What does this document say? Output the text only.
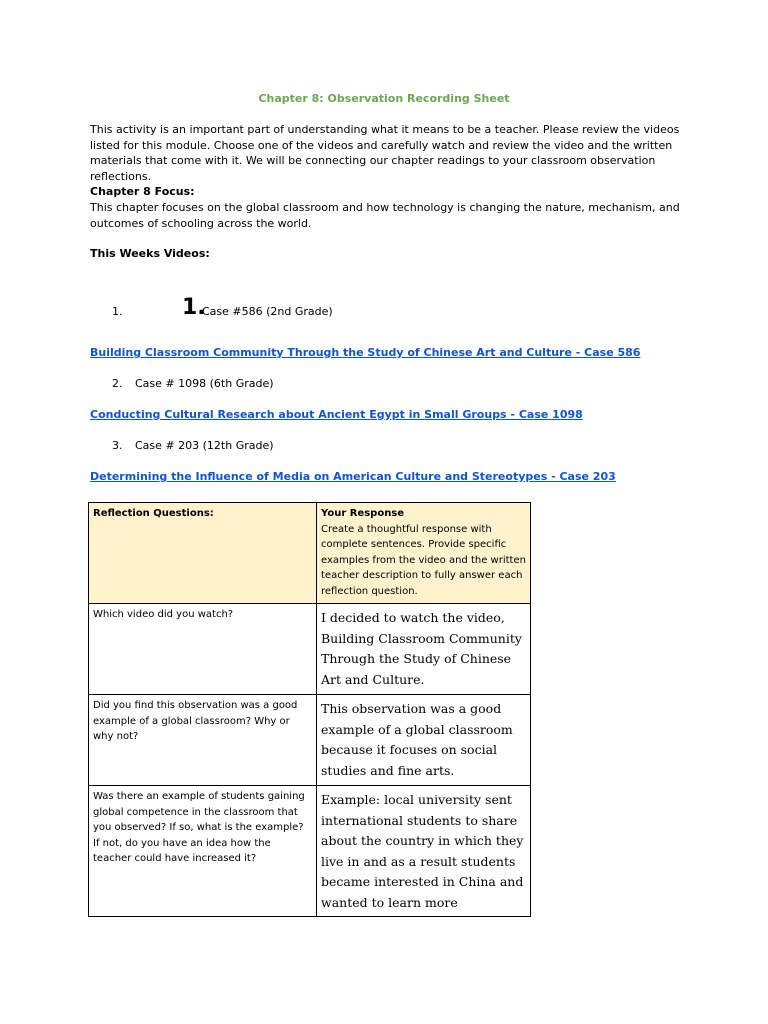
Chapter 8: Observation Recording Sheet
This activity is an important part of understanding what it means to be a teacher. Please review the videos listed for this module. Choose one of the videos and carefully watch and review the video and the written materials that come with it. We will be connecting our chapter readings to your classroom observation reflections.
Chapter 8 Focus:
This chapter focuses on the global classroom and how technology is changing the nature, mechanism, and outcomes of schooling across the world.
This Weeks Videos:
1.	1.
Case #586 (2nd Grade)
Building Classroom Community Through the Study of Chinese Art and Culture - Case 586
2. Case # 1098 (6th Grade)
Conducting Cultural Research about Ancient Egypt in Small Groups - Case 1098
3. Case # 203 (12th Grade)
Determining the Influence of Media on American Culture and Stereotypes - Case 203
Reflection Questions:	Your Response
Create a thoughtful response with complete sentences. Provide specific examples from the video and the written teacher description to fully answer each reflection question.

Which video did you watch?	I decided to watch the video, Building Classroom Community Through the Study of Chinese Art and Culture.

Did you find this observation was a good example of a global classroom? Why or why not?	This observation was a good example of a global classroom because it focuses on social studies and fine arts.

Was there an example of students gaining global competence in the classroom that you observed? If so, what is the example? If not, do you have an idea how the teacher could have increased it?	Example: local university sent international students to share about the country in which they live in and as a result students became interested in China and wanted to learn more
